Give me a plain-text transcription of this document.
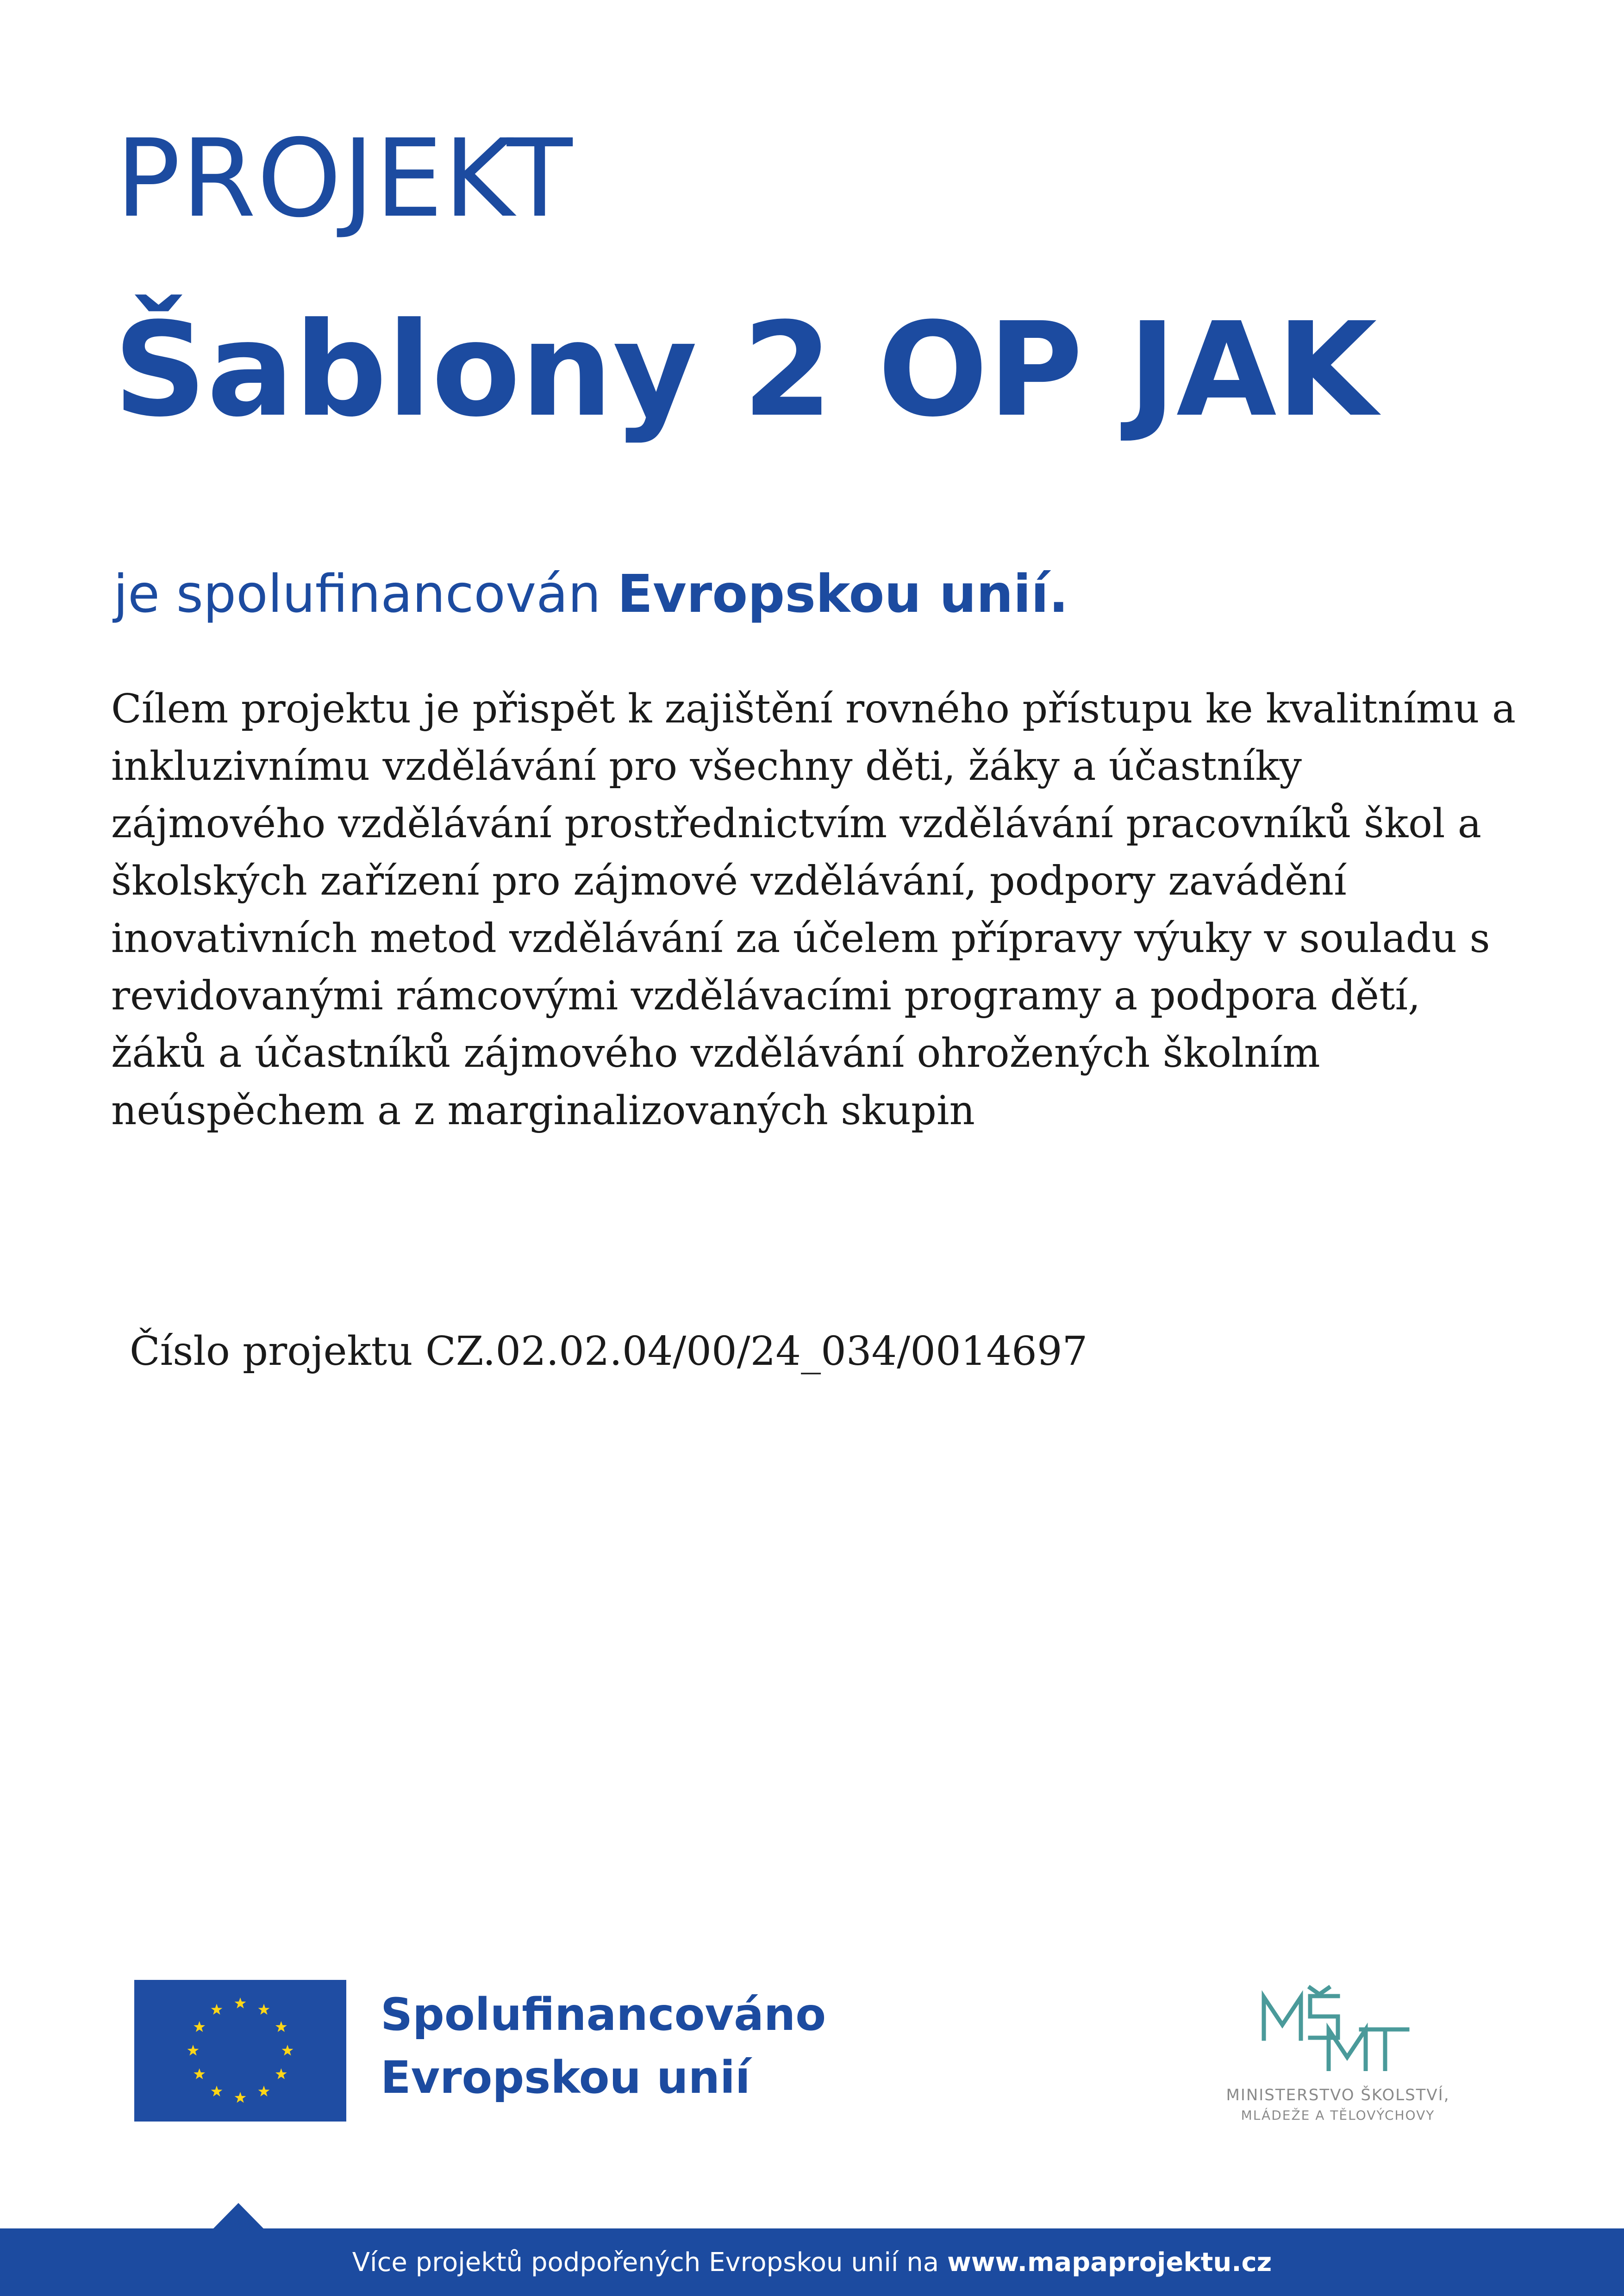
PROJEKT
Šablony 2 OP JAK
je spolufinancován Evropskou unií.
Cílem projektu je přispět k zajištění rovného přístupu ke kvalitnímu a inkluzivnímu vzdělávání pro všechny děti, žáky a účastníky zájmového vzdělávání prostřednictvím vzdělávání pracovníků škol a školských zařízení pro zájmové vzdělávání, podpory zavádění inovativních metod vzdělávání za účelem přípravy výuky v souladu s revidovanými rámcovými vzdělávacími programy a podpora dětí, žáků a účastníků zájmového vzdělávání ohrožených školním neúspěchem a z marginalizovaných skupin
Číslo projektu CZ.02.02.04/00/24_034/0014697
Spolufinancováno
Evropskou unií	MINISTERSTVO ŠKOLSTVÍ,
MLÁDEŽE A TĚLOVÝCHOVY
Více projektů podpořených Evropskou unií na www.mapaprojektu.cz
